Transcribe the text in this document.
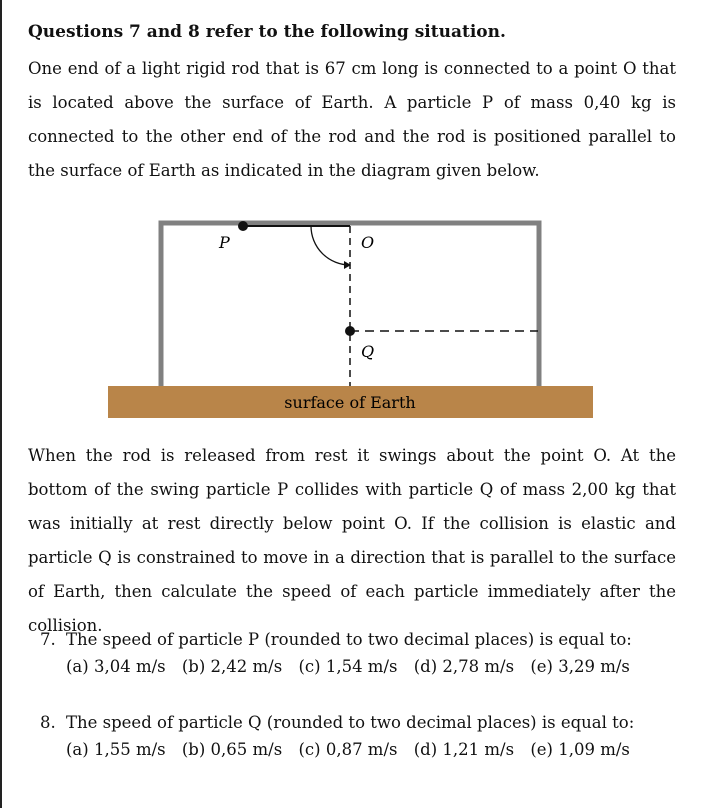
Questions 7 and 8 refer to the following situation.
One end of a light rigid rod that is 67 cm long is connected to a point O that is located above the surface of Earth. A particle P of mass 0,40 kg is connected to the other end of the rod and the rod is positioned parallel to the surface of Earth as indicated in the diagram given below.
P	O
Q
surface of Earth
When the rod is released from rest it swings about the point O. At the bottom of the swing particle P collides with particle Q of mass 2,00 kg that was initially at rest directly below point O. If the collision is elastic and particle Q is constrained to move in a direction that is parallel to the surface of Earth, then calculate the speed of each particle immediately after the collision.
7. The speed of particle P (rounded to two decimal places) is equal to:
(a) 3,04 m/s (b) 2,42 m/s (c) 1,54 m/s (d) 2,78 m/s (e) 3,29 m/s
8. The speed of particle Q (rounded to two decimal places) is equal to:
(a) 1,55 m/s (b) 0,65 m/s (c) 0,87 m/s (d) 1,21 m/s (e) 1,09 m/s
